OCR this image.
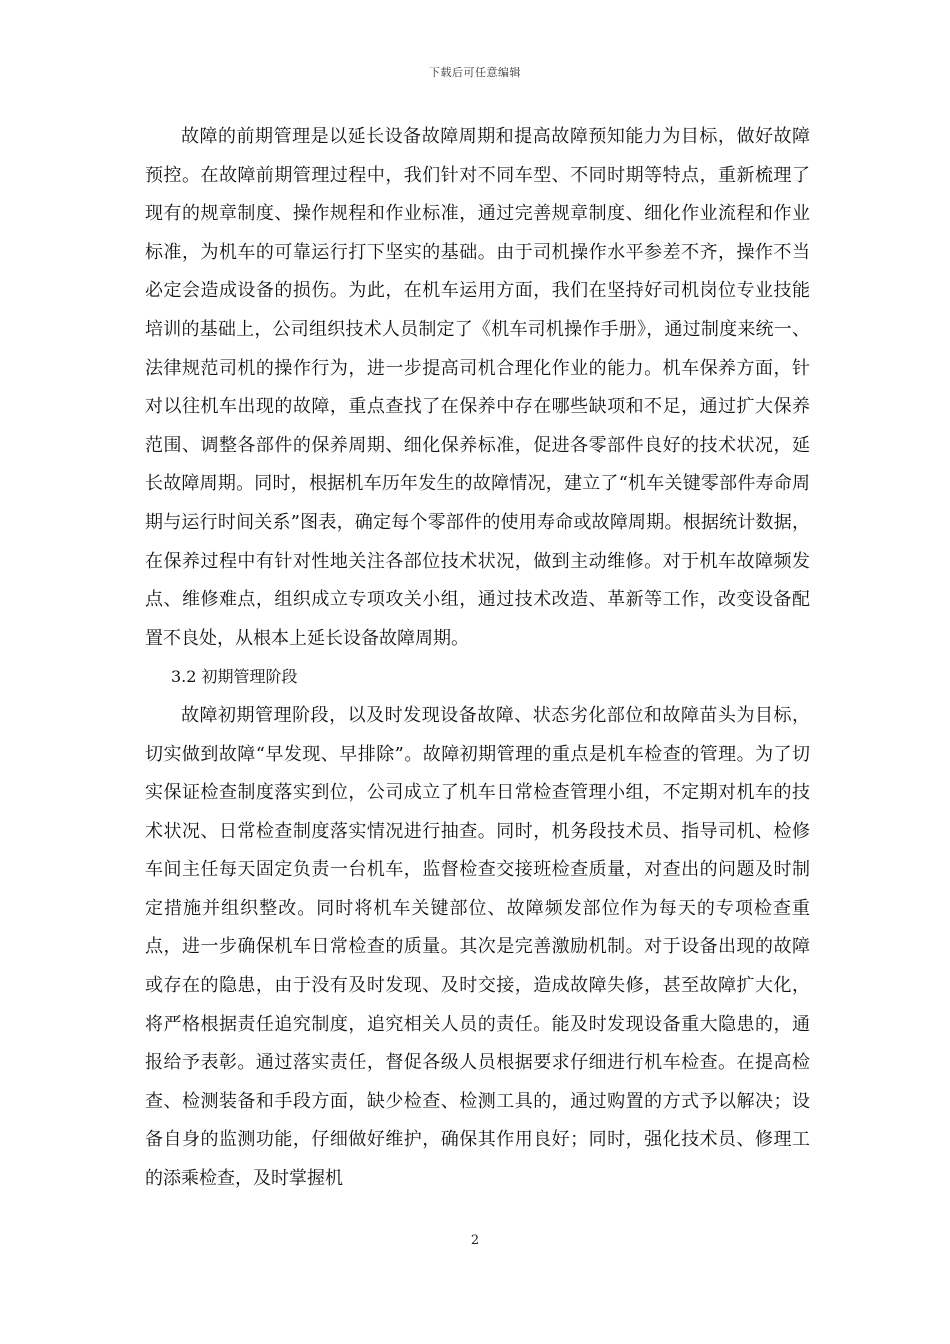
下载后可任意编辑

故障的前期管理是以延长设备故障周期和提高故障预知能力为目标，做好故障预控。在故障前期管理过程中，我们针对不同车型、不同时期等特点，重新梳理了现有的规章制度、操作规程和作业标准，通过完善规章制度、细化作业流程和作业标准，为机车的可靠运行打下坚实的基础。由于司机操作水平参差不齐，操作不当必定会造成设备的损伤。为此，在机车运用方面，我们在坚持好司机岗位专业技能培训的基础上，公司组织技术人员制定了《机车司机操作手册》，通过制度来统一、法律规范司机的操作行为，进一步提高司机合理化作业的能力。机车保养方面，针对以往机车出现的故障，重点查找了在保养中存在哪些缺项和不足，通过扩大保养范围、调整各部件的保养周期、细化保养标准，促进各零部件良好的技术状况，延长故障周期。同时，根据机车历年发生的故障情况，建立了“机车关键零部件寿命周期与运行时间关系”图表，确定每个零部件的使用寿命或故障周期。根据统计数据，在保养过程中有针对性地关注各部位技术状况，做到主动维修。对于机车故障频发点、维修难点，组织成立专项攻关小组，通过技术改造、革新等工作，改变设备配置不良处，从根本上延长设备故障周期。

3.2 初期管理阶段

故障初期管理阶段，以及时发现设备故障、状态劣化部位和故障苗头为目标，切实做到故障“早发现、早排除”。故障初期管理的重点是机车检查的管理。为了切实保证检查制度落实到位，公司成立了机车日常检查管理小组，不定期对机车的技术状况、日常检查制度落实情况进行抽查。同时，机务段技术员、指导司机、检修车间主任每天固定负责一台机车，监督检查交接班检查质量，对查出的问题及时制定措施并组织整改。同时将机车关键部位、故障频发部位作为每天的专项检查重点，进一步确保机车日常检查的质量。其次是完善激励机制。对于设备出现的故障或存在的隐患，由于没有及时发现、及时交接，造成故障失修，甚至故障扩大化，将严格根据责任追究制度，追究相关人员的责任。能及时发现设备重大隐患的，通报给予表彰。通过落实责任，督促各级人员根据要求仔细进行机车检查。在提高检查、检测装备和手段方面，缺少检查、检测工具的，通过购置的方式予以解决；设备自身的监测功能，仔细做好维护，确保其作用良好；同时，强化技术员、修理工的添乘检查，及时掌握机

2
